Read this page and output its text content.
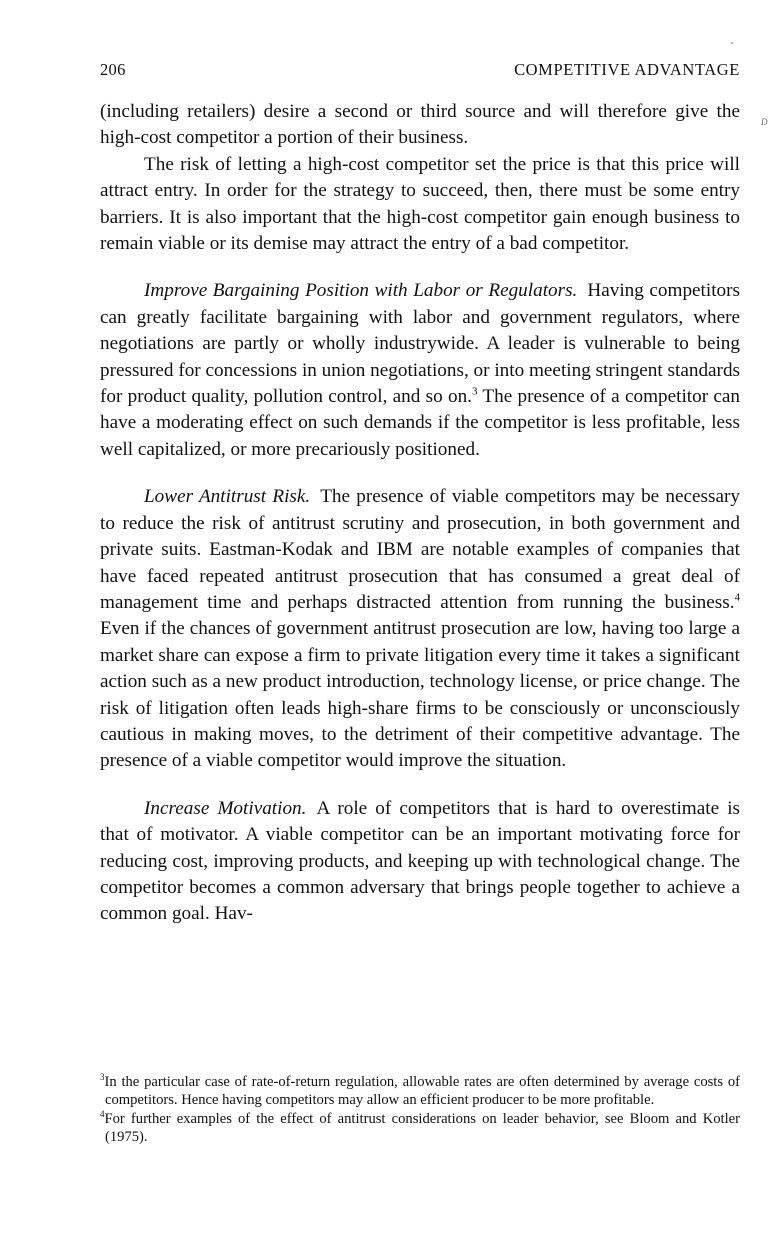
206	COMPETITIVE ADVANTAGE
D

(including retailers) desire a second or third source and will therefore give the high-cost competitor a portion of their business.

The risk of letting a high-cost competitor set the price is that this price will attract entry. In order for the strategy to succeed, then, there must be some entry barriers. It is also important that the high-cost competitor gain enough business to remain viable or its demise may attract the entry of a bad competitor.

Improve Bargaining Position with Labor or Regulators. Having competitors can greatly facilitate bargaining with labor and government regulators, where negotiations are partly or wholly industrywide. A leader is vulnerable to being pressured for concessions in union negotiations, or into meeting stringent standards for product quality, pollution control, and so on.$^3$ The presence of a competitor can have a moderating effect on such demands if the competitor is less profitable, less well capitalized, or more precariously positioned.

Lower Antitrust Risk. The presence of viable competitors may be necessary to reduce the risk of antitrust scrutiny and prosecution, in both government and private suits. Eastman-Kodak and IBM are notable examples of companies that have faced repeated antitrust prosecution that has consumed a great deal of management time and perhaps distracted attention from running the business.$^4$ Even if the chances of government antitrust prosecution are low, having too large a market share can expose a firm to private litigation every time it takes a significant action such as a new product introduction, technology license, or price change. The risk of litigation often leads high-share firms to be consciously or unconsciously cautious in making moves, to the detriment of their competitive advantage. The presence of a viable competitor would improve the situation.

Increase Motivation. A role of competitors that is hard to overestimate is that of motivator. A viable competitor can be an important motivating force for reducing cost, improving products, and keeping up with technological change. The competitor becomes a common adversary that brings people together to achieve a common goal. Hav-

$^3$In the particular case of rate-of-return regulation, allowable rates are often determined by average costs of competitors. Hence having competitors may allow an efficient producer to be more profitable.

$^4$For further examples of the effect of antitrust considerations on leader behavior, see Bloom and Kotler (1975).
